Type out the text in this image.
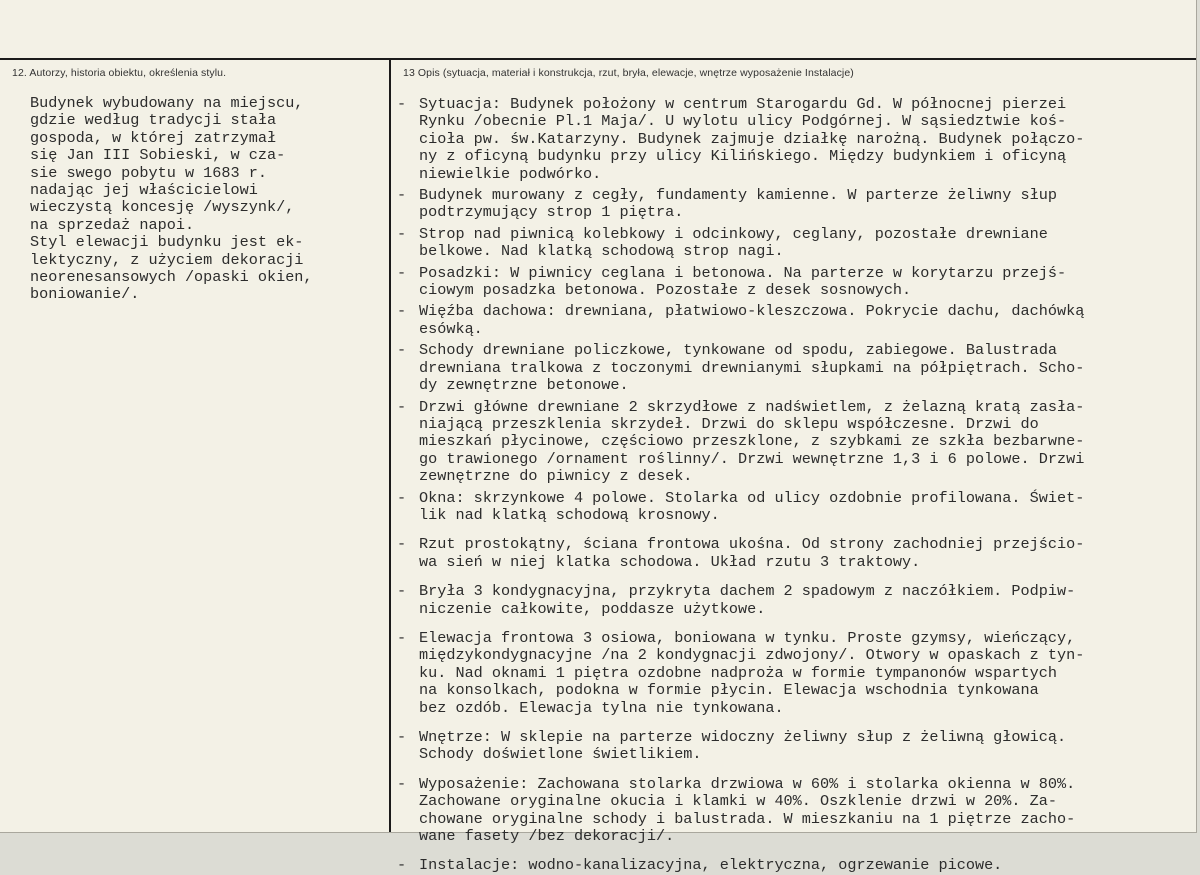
12. Autorzy, historia obiektu, określenia stylu.	13 Opis (sytuacja, materiał i konstrukcja, rzut, bryła, elewacje, wnętrze wyposażenie Instalacje)
Budynek wybudowany na miejscu,
gdzie według tradycji stała
gospoda, w której zatrzymał
się Jan III Sobieski, w cza-
sie swego pobytu w 1683 r.
nadając jej właścicielowi
wieczystą koncesję /wyszynk/,
na sprzedaż napoi.
Styl elewacji budynku jest ek-
lektyczny, z użyciem dekoracji
neorenesansowych /opaski okien,
boniowanie/.
- Sytuacja: Budynek położony w centrum Starogardu Gd. W północnej pierzei
Rynku /obecnie Pl.1 Maja/. U wylotu ulicy Podgórnej. W sąsiedztwie koś-
cioła pw. św.Katarzyny. Budynek zajmuje działkę narożną. Budynek połączo-
ny z oficyną budynku przy ulicy Kilińskiego. Między budynkiem i oficyną
niewielkie podwórko.
- Budynek murowany z cegły, fundamenty kamienne. W parterze żeliwny słup
podtrzymujący strop 1 piętra.
- Strop nad piwnicą kolebkowy i odcinkowy, ceglany, pozostałe drewniane
belkowe. Nad klatką schodową strop nagi.
- Posadzki: W piwnicy ceglana i betonowa. Na parterze w korytarzu przejś-
ciowym posadzka betonowa. Pozostałe z desek sosnowych.
- Więźba dachowa: drewniana, płatwiowo-kleszczowa. Pokrycie dachu, dachówką
esówką.
- Schody drewniane policzkowe, tynkowane od spodu, zabiegowe. Balustrada
drewniana tralkowa z toczonymi drewnianymi słupkami na półpiętrach. Scho-
dy zewnętrzne betonowe.
- Drzwi główne drewniane 2 skrzydłowe z nadświetlem, z żelazną kratą zasła-
niającą przeszklenia skrzydeł. Drzwi do sklepu współczesne. Drzwi do
mieszkań płycinowe, częściowo przeszklone, z szybkami ze szkła bezbarwne-
go trawionego /ornament roślinny/. Drzwi wewnętrzne 1,3 i 6 polowe. Drzwi
zewnętrzne do piwnicy z desek.
- Okna: skrzynkowe 4 polowe. Stolarka od ulicy ozdobnie profilowana. Świet-
lik nad klatką schodową krosnowy.
- Rzut prostokątny, ściana frontowa ukośna. Od strony zachodniej przejścio-
wa sień w niej klatka schodowa. Układ rzutu 3 traktowy.
- Bryła 3 kondygnacyjna, przykryta dachem 2 spadowym z naczółkiem. Podpiw-
niczenie całkowite, poddasze użytkowe.
- Elewacja frontowa 3 osiowa, boniowana w tynku. Proste gzymsy, wieńczący,
międzykondygnacyjne /na 2 kondygnacji zdwojony/. Otwory w opaskach z tyn-
ku. Nad oknami 1 piętra ozdobne nadproża w formie tympanonów wspartych
na konsolkach, podokna w formie płycin. Elewacja wschodnia tynkowana
bez ozdób. Elewacja tylna nie tynkowana.
- Wnętrze: W sklepie na parterze widoczny żeliwny słup z żeliwną głowicą.
Schody doświetlone świetlikiem.
- Wyposażenie: Zachowana stolarka drzwiowa w 60% i stolarka okienna w 80%.
Zachowane oryginalne okucia i klamki w 40%. Oszklenie drzwi w 20%. Za-
chowane oryginalne schody i balustrada. W mieszkaniu na 1 piętrze zacho-
wane fasety /bez dekoracji/.
- Instalacje: wodno-kanalizacyjna, elektryczna, ogrzewanie picowe.
